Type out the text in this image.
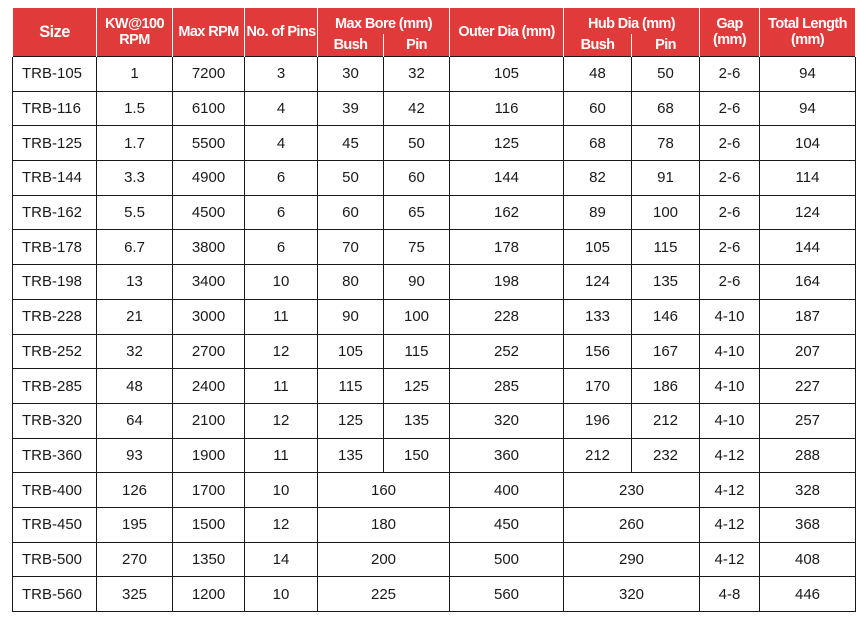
Size	KW@100 RPM	Max RPM	No. of Pins	Max Bore (mm)		Outer Dia (mm)	Hub Dia (mm)		Gap (mm)	Total Length (mm)
				Bush	Pin		Bush	Pin		
TRB-105	1	7200	3	30	32	105	48	50	2-6	94
TRB-116	1.5	6100	4	39	42	116	60	68	2-6	94
TRB-125	1.7	5500	4	45	50	125	68	78	2-6	104
TRB-144	3.3	4900	6	50	60	144	82	91	2-6	114
TRB-162	5.5	4500	6	60	65	162	89	100	2-6	124
TRB-178	6.7	3800	6	70	75	178	105	115	2-6	144
TRB-198	13	3400	10	80	90	198	124	135	2-6	164
TRB-228	21	3000	11	90	100	228	133	146	4-10	187
TRB-252	32	2700	12	105	115	252	156	167	4-10	207
TRB-285	48	2400	11	115	125	285	170	186	4-10	227
TRB-320	64	2100	12	125	135	320	196	212	4-10	257
TRB-360	93	1900	11	135	150	360	212	232	4-12	288
TRB-400	126	1700	10	160		400	230		4-12	328
TRB-450	195	1500	12	180		450	260		4-12	368
TRB-500	270	1350	14	200		500	290		4-12	408
TRB-560	325	1200	10	225		560	320		4-8	446
